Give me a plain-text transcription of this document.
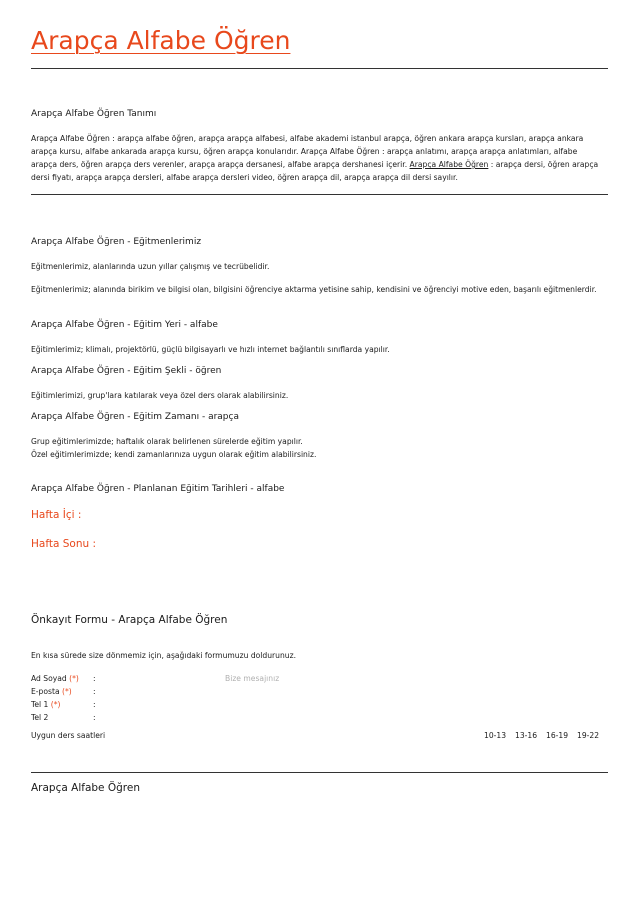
Arapça Alfabe Öğren
Arapça Alfabe Öğren Tanımı
Arapça Alfabe Öğren : arapça alfabe öğren, arapça arapça alfabesi, alfabe akademi istanbul arapça, öğren ankara arapça kursları, arapça ankara arapça kursu, alfabe ankarada arapça kursu, öğren arapça konularıdır. Arapça Alfabe Öğren : arapça anlatımı, arapça arapça anlatımları, alfabe arapça ders, öğren arapça ders verenler, arapça arapça dersanesi, alfabe arapça dershanesi içerir. Arapça Alfabe Öğren : arapça dersi, öğren arapça dersi fiyatı, arapça arapça dersleri, alfabe arapça dersleri video, öğren arapça dil, arapça arapça dil dersi sayılır.
Arapça Alfabe Öğren - Eğitmenlerimiz
Eğitmenlerimiz, alanlarında uzun yıllar çalışmış ve tecrübelidir.
Eğitmenlerimiz; alanında birikim ve bilgisi olan, bilgisini öğrenciye aktarma yetisine sahip, kendisini ve öğrenciyi motive eden, başarılı eğitmenlerdir.
Arapça Alfabe Öğren - Eğitim Yeri - alfabe
Eğitimlerimiz; klimalı, projektörlü, güçlü bilgisayarlı ve hızlı internet bağlantılı sınıflarda yapılır.
Arapça Alfabe Öğren - Eğitim Şekli - öğren
Eğitimlerimizi, grup'lara katılarak veya özel ders olarak alabilirsiniz.
Arapça Alfabe Öğren - Eğitim Zamanı - arapça
Grup eğitimlerimizde; haftalık olarak belirlenen sürelerde eğitim yapılır.
Özel eğitimlerimizde; kendi zamanlarınıza uygun olarak eğitim alabilirsiniz.
Arapça Alfabe Öğren - Planlanan Eğitim Tarihleri - alfabe
Hafta İçi :
Hafta Sonu :
Önkayıt Formu - Arapça Alfabe Öğren
En kısa sürede size dönmemiz için, aşağıdaki formumuzu doldurunuz.
Ad Soyad (*) :
E-posta (*)	:
Tel 1 (*)	:
Tel 2	:
Bize mesajınız
Uygun ders saatleri	10-13 13-16 16-19 19-22
Arapça Alfabe Öğren
